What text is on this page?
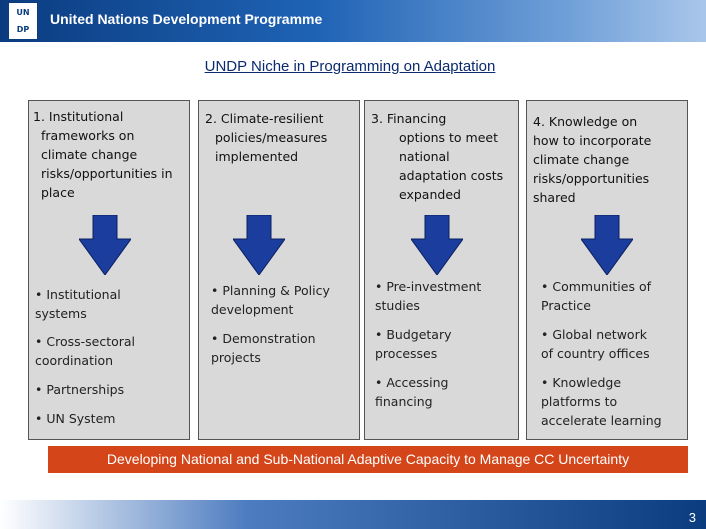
UN
DP
United Nations Development Programme
UNDP Niche in Programming on Adaptation
1. Institutional
frameworks on
climate change
risks/opportunities in
place
• Institutional
systems
• Cross-sectoral
coordination
• Partnerships
• UN System
2. Climate-resilient
policies/measures
implemented
• Planning & Policy
development
• Demonstration
projects
3. Financing
options to meet
national
adaptation costs
expanded
• Pre-investment
studies
• Budgetary
processes
• Accessing
financing
4. Knowledge on
how to incorporate
climate change
risks/opportunities
shared
• Communities of
Practice
• Global network
of country offices
• Knowledge
platforms to
accelerate learning
Developing National and Sub-National Adaptive Capacity to Manage CC Uncertainty
3
